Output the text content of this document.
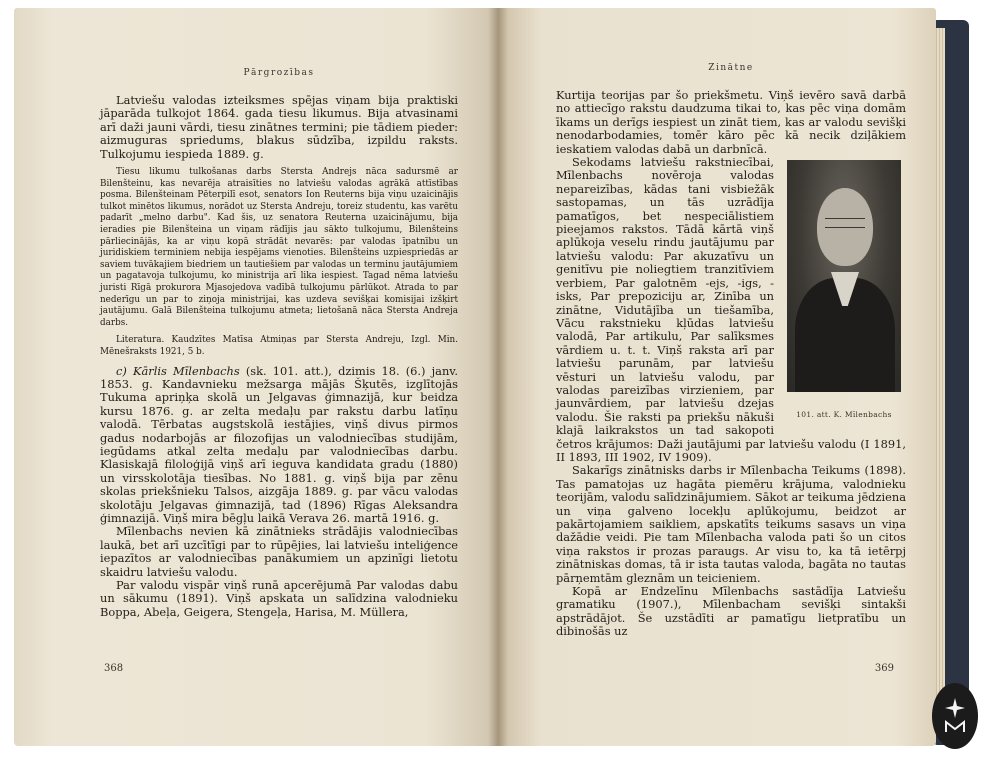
Pārgrozības

Latviešu valodas izteiksmes spējas viņam bija praktiski jāparāda tulkojot 1864. gada tiesu likumus. Bija atvasinami arī daži jauni vārdi, tiesu zinātnes termini; pie tādiem pieder: aizmuguras spriedums, blakus sūdzība, izpildu raksts. Tulkojumu iespieda 1889. g.

Tiesu likumu tulkošanas darbs Stersta Andrejs nāca sadursmē ar Bilenšteinu, kas nevarēja atraisīties no latviešu valodas agrākā attīstības posma. Bilenšteinam Pēterpilī esot, senators Ion Reuterns bija viņu uzaicinājis tulkot minētos likumus, norādot uz Stersta Andreju, toreiz studentu, kas varētu padarīt „melno darbu". Kad šis, uz senatora Reuterna uzaicinājumu, bija ieradies pie Bilenšteina un viņam rādījis jau sākto tulkojumu, Bilenšteins pārliecinājās, ka ar viņu kopā strādāt nevarēs: par valodas īpatnību un juridiskiem terminiem nebija iespējams vienoties. Bilenšteins uzpiespriedās ar saviem tuvākajiem biedriem un tautiešiem par valodas un terminu jautājumiem un pagatavoja tulkojumu, ko ministrija arī lika iespiest. Tagad nēma latviešu juristi Rīgā prokurora Mjasojedova vadībā tulkojumu pārlūkot. Atrada to par nederīgu un par to ziņoja ministrijai, kas uzdeva sevišķai komisijai izšķirt jautājumu. Galā Bilenšteina tulkojumu atmeta; lietošanā nāca Stersta Andreja darbs.

Literatura. Kaudzītes Matīsa Atmiņas par Stersta Andreju, Izgl. Min. Mēnešraksts 1921, 5 b.

c) Kārlis Mīlenbachs (sk. 101. att.), dzimis 18. (6.) janv. 1853. g. Kandavnieku mežsarga mājās Šķutēs, izglītojās Tukuma apriņķa skolā un Jelgavas ģimnazijā, kur beidza kursu 1876. g. ar zelta medaļu par rakstu darbu latīņu valodā. Tērbatas augstskolā iestājies, viņš divus pirmos gadus nodarbojās ar filozofijas un valodniecības studijām, iegūdams atkal zelta medaļu par valodniecības darbu. Klasiskajā filoloģijā viņš arī ieguva kandidata gradu (1880) un virsskolotāja tiesības. No 1881. g. viņš bija par zēnu skolas priekšnieku Talsos, aizgāja 1889. g. par vācu valodas skolotāju Jelgavas ģimnazijā, tad (1896) Rīgas Aleksandra ģimnazijā. Viņš mira bēgļu laikā Verava 26. martā 1916. g.

Mīlenbachs nevien kā zinātnieks strādājis valodniecības laukā, bet arī uzcītīgi par to rūpējies, lai latviešu inteliģence iepazītos ar valodniecības panākumiem un apzinīgi lietotu skaidru latviešu valodu.

Par valodu vispār viņš runā apcerējumā Par valodas dabu un sākumu (1891). Viņš apskata un salīdzina valodnieku Boppa, Abeļa, Geigera, Stengeļa, Harisa, M. Müllera,

368
Zinātne

Kurtija teorijas par šo priekšmetu. Viņš ievēro savā darbā no attiecīgo rakstu daudzuma tikai to, kas pēc viņa domām īkams un derīgs iespiest un zināt tiem, kas ar valodu sevišķi nenodarbodamies, tomēr kāro pēc kā necik dziļākiem ieskatiem valodas dabā un darbnīcā.

101. att. K. Mīlenbachs

Sekodams latviešu rakstniecībai, Mīlenbachs novēroja valodas nepareizības, kādas tani visbiežāk sastopamas, un tās uzrādīja pamatīgos, bet nespeciālistiem pieejamos rakstos. Tādā kārtā viņš aplūkoja veselu rindu jautājumu par latviešu valodu: Par akuzatīvu un genitīvu pie noliegtiem tranzitīviem verbiem, Par galotnēm -ejs, -igs, -isks, Par prepoziciju ar, Zinība un zinātne, Vidutājība un tiešamība, Vācu rakstnieku kļūdas latviešu valodā, Par artikulu, Par salīksmes vārdiem u. t. t. Viņš raksta arī par latviešu parunām, par latviešu vēsturi un latviešu valodu, par valodas pareizības virzieniem, par jaunvārdiem, par latviešu dzejas valodu. Šie raksti pa priekšu nākuši klajā laikrakstos un tad sakopoti četros krājumos: Daži jautājumi par latviešu valodu (I 1891, II 1893, III 1902, IV 1909).

Sakarīgs zinātnisks darbs ir Mīlenbacha Teikums (1898). Tas pamatojas uz hagāta piemēru krājuma, valodnieku teorijām, valodu salīdzinājumiem. Sākot ar teikuma jēdziena un viņa galveno locekļu aplūkojumu, beidzot ar pakārtojamiem saikliem, apskatīts teikums sasavs un viņa dažādie veidi. Pie tam Mīlenbacha valoda pati šo un citos viņa rakstos ir prozas paraugs. Ar visu to, ka tā ietērpj zinātniskas domas, tā ir ista tautas valoda, bagāta no tautas pārņemtām gleznām un teicieniem.

Kopā ar Endzelīnu Mīlenbachs sastādīja Latviešu gramatiku (1907.), Mīlenbacham sevišķi sintakši apstrādājot. Še uzstādīti ar pamatīgu lietpratību un dibinošās uz

369
